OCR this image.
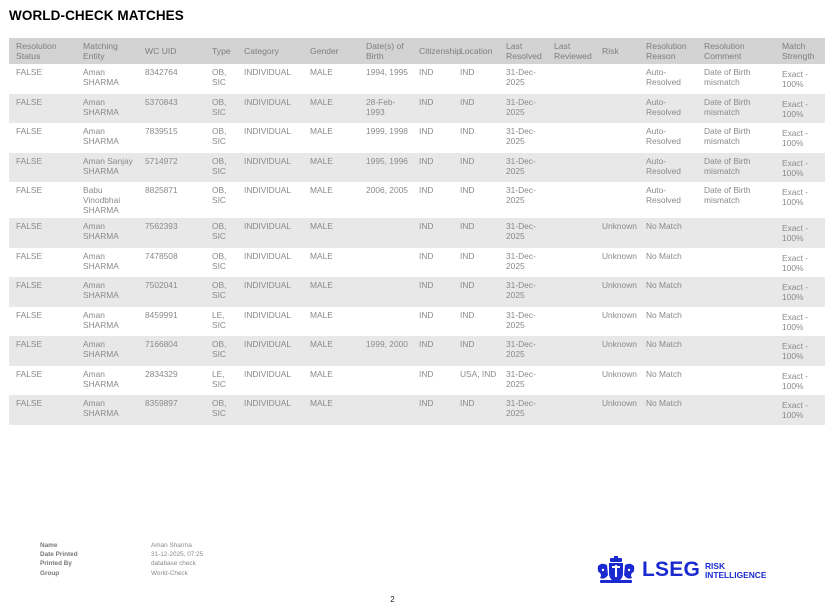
WORLD-CHECK MATCHES
Resolution Status	Matching Entity	WC UID	Type	Category	Gender	Date(s) of Birth	Citizenship	Location	Last Resolved	Last Reviewed	Risk	Resolution Reason	Resolution Comment	Match Strength
FALSE	Aman SHARMA	8342764	OB, SIC	INDIVIDUAL	MALE	1994, 1995	IND	IND	31-Dec-2025			Auto-Resolved	Date of Birth mismatch	Exact - 100%
FALSE	Aman SHARMA	5370843	OB, SIC	INDIVIDUAL	MALE	28-Feb-1993	IND	IND	31-Dec-2025			Auto-Resolved	Date of Birth mismatch	Exact - 100%
FALSE	Aman SHARMA	7839515	OB, SIC	INDIVIDUAL	MALE	1999, 1998	IND	IND	31-Dec-2025			Auto-Resolved	Date of Birth mismatch	Exact - 100%
FALSE	Aman Sanjay SHARMA	5714972	OB, SIC	INDIVIDUAL	MALE	1995, 1996	IND	IND	31-Dec-2025			Auto-Resolved	Date of Birth mismatch	Exact - 100%
FALSE	Babu Vinodbhai SHARMA	8825871	OB, SIC	INDIVIDUAL	MALE	2006, 2005	IND	IND	31-Dec-2025			Auto-Resolved	Date of Birth mismatch	Exact - 100%
FALSE	Aman SHARMA	7562393	OB, SIC	INDIVIDUAL	MALE		IND	IND	31-Dec-2025		Unknown	No Match		Exact - 100%
FALSE	Aman SHARMA	7478508	OB, SIC	INDIVIDUAL	MALE		IND	IND	31-Dec-2025		Unknown	No Match		Exact - 100%
FALSE	Aman SHARMA	7502041	OB, SIC	INDIVIDUAL	MALE		IND	IND	31-Dec-2025		Unknown	No Match		Exact - 100%
FALSE	Aman SHARMA	8459991	LE, SIC	INDIVIDUAL	MALE		IND	IND	31-Dec-2025		Unknown	No Match		Exact - 100%
FALSE	Aman SHARMA	7166804	OB, SIC	INDIVIDUAL	MALE	1999, 2000	IND	IND	31-Dec-2025		Unknown	No Match		Exact - 100%
FALSE	Aman SHARMA	2834329	LE, SIC	INDIVIDUAL	MALE		IND	USA, IND	31-Dec-2025		Unknown	No Match		Exact - 100%
FALSE	Aman SHARMA	8359897	OB, SIC	INDIVIDUAL	MALE		IND	IND	31-Dec-2025		Unknown	No Match		Exact - 100%
Name	Aman Sharma
Date Printed	31-12-2025, 07:25
Printed By	database check
Group	World-Check	LSEG RISK
INTELLIGENCE
2
